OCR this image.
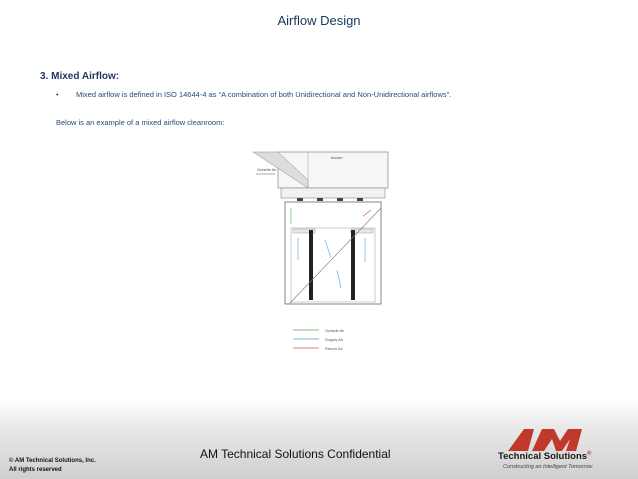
Airflow Design
3. Mixed Airflow:
•	Mixed airflow is defined in ISO 14644-4 as “A combination of both Unidirectional and Non-Unidirectional airflows”.
Below is an example of a mixed airflow cleanroom:
blower
Outside Air
Outside Air
Supply Air
Return Air
© AM Technical Solutions, Inc.
All rights reserved
AM Technical Solutions Confidential	Technical Solutions®
Constructing an Intelligent Tomorrow
